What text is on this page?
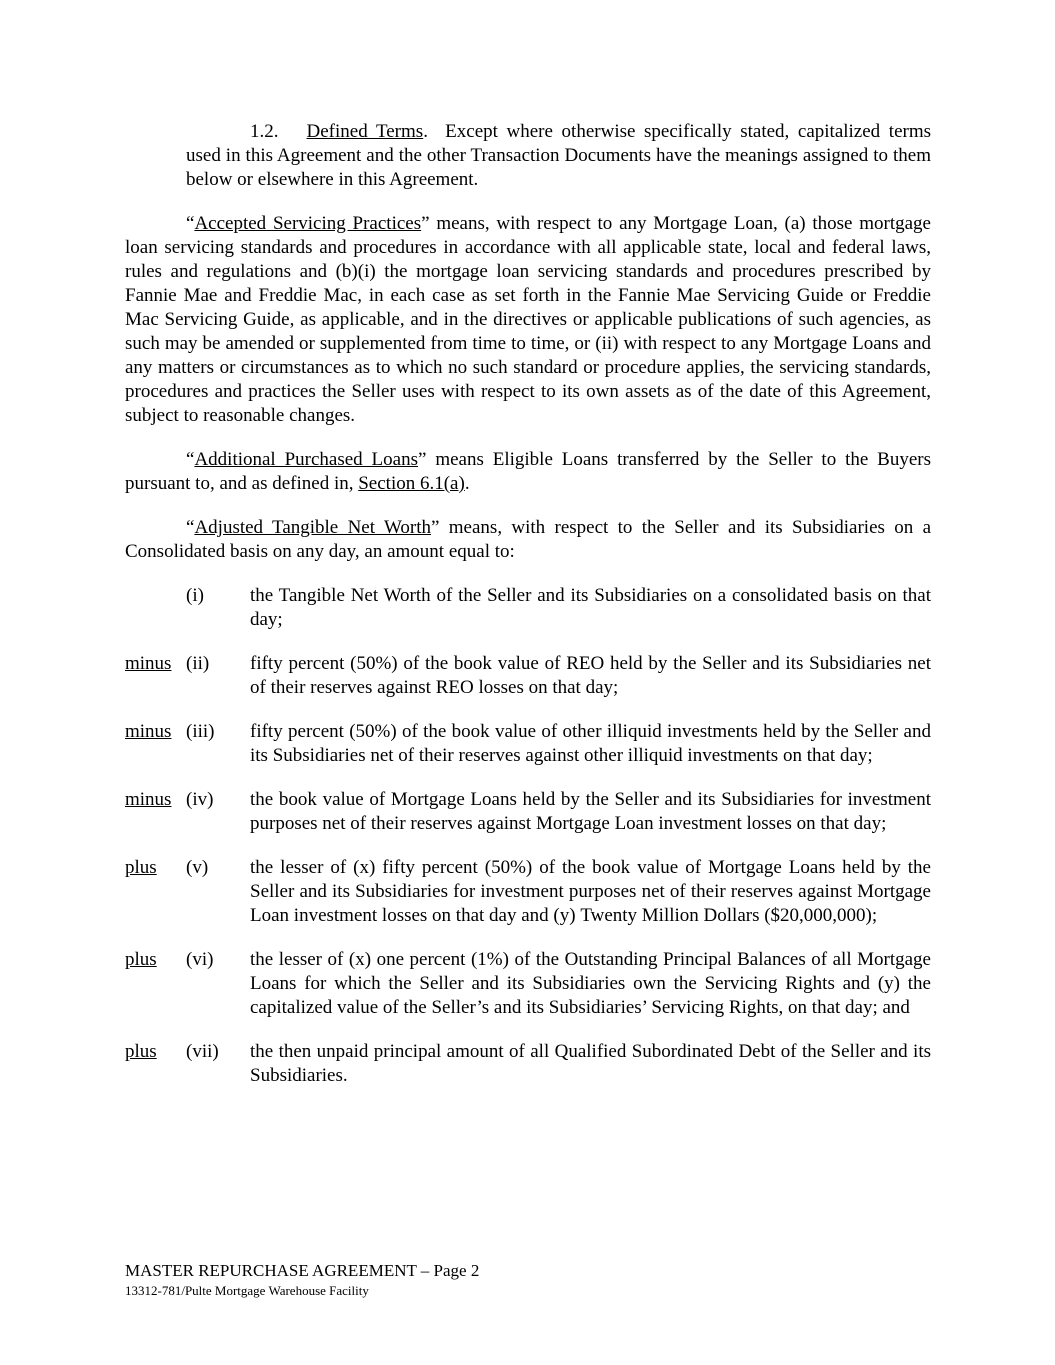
1.2. Defined Terms.  Except where otherwise specifically stated, capitalized terms used in this Agreement and the other Transaction Documents have the meanings assigned to them below or elsewhere in this Agreement.

“Accepted Servicing Practices” means, with respect to any Mortgage Loan, (a) those mortgage loan servicing standards and procedures in accordance with all applicable state, local and federal laws, rules and regulations and (b)(i) the mortgage loan servicing standards and procedures prescribed by Fannie Mae and Freddie Mac, in each case as set forth in the Fannie Mae Servicing Guide or Freddie Mac Servicing Guide, as applicable, and in the directives or applicable publications of such agencies, as such may be amended or supplemented from time to time, or (ii) with respect to any Mortgage Loans and any matters or circumstances as to which no such standard or procedure applies, the servicing standards, procedures and practices the Seller uses with respect to its own assets as of the date of this Agreement, subject to reasonable changes.

“Additional Purchased Loans” means Eligible Loans transferred by the Seller to the Buyers pursuant to, and as defined in, Section 6.1(a).

“Adjusted Tangible Net Worth” means, with respect to the Seller and its Subsidiaries on a Consolidated basis on any day, an amount equal to:

(i)	the Tangible Net Worth of the Seller and its Subsidiaries on a consolidated basis on that day;
minus (ii)	fifty percent (50%) of the book value of REO held by the Seller and its Subsidiaries net of their reserves against REO losses on that day;
minus (iii)	fifty percent (50%) of the book value of other illiquid investments held by the Seller and its Subsidiaries net of their reserves against other illiquid investments on that day;
minus (iv)	the book value of Mortgage Loans held by the Seller and its Subsidiaries for investment purposes net of their reserves against Mortgage Loan investment losses on that day;
plus	(v)	the lesser of (x) fifty percent (50%) of the book value of Mortgage Loans held by the Seller and its Subsidiaries for investment purposes net of their reserves against Mortgage Loan investment losses on that day and (y) Twenty Million Dollars ($20,000,000);
plus	(vi)	the lesser of (x) one percent (1%) of the Outstanding Principal Balances of all Mortgage Loans for which the Seller and its Subsidiaries own the Servicing Rights and (y) the capitalized value of the Seller’s and its Subsidiaries’ Servicing Rights, on that day; and
plus	(vii)	the then unpaid principal amount of all Qualified Subordinated Debt of the Seller and its Subsidiaries.
MASTER REPURCHASE AGREEMENT – Page 2
13312-781/Pulte Mortgage Warehouse Facility
